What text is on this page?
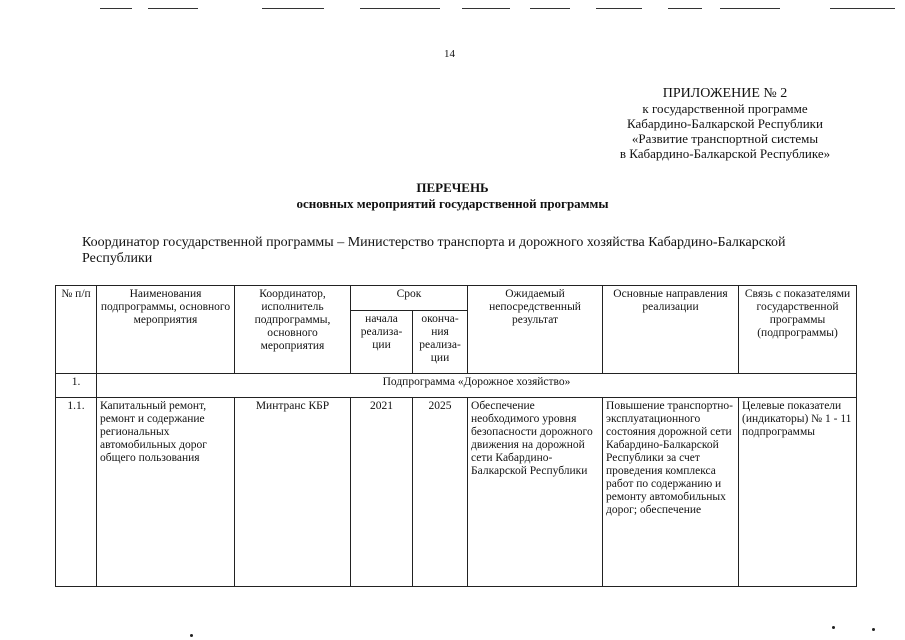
14
ПРИЛОЖЕНИЕ № 2
к государственной программе
Кабардино-Балкарской Республики
«Развитие транспортной системы
в Кабардино-Балкарской Республике»
ПЕРЕЧЕНЬ
основных мероприятий государственной программы
Координатор государственной программы – Министерство транспорта и дорожного хозяйства Кабардино-Балкарской Республики
№ п/п	Наименования подпрограммы, основного мероприятия	Координатор, исполнитель подпрограммы, основного мероприятия	Срок		Ожидаемый непосредственный результат	Основные направления реализации	Связь с показателями государственной программы (подпрограммы)
			начала реализа-ции	оконча-ния реализа-ции			
1.	Подпрограмма «Дорожное хозяйство»						
1.1.	Капитальный ремонт, ремонт и содержание региональных автомобильных дорог общего пользования	Минтранс КБР	2021	2025	Обеспечение необходимого уровня безопасности дорожного движения на дорожной сети Кабардино-Балкарской Республики	Повышение транспортно-эксплуатационного состояния дорожной сети Кабардино-Балкарской Республики за счет проведения комплекса работ по содержанию и ремонту автомобильных дорог; обеспечение	Целевые показатели (индикаторы) № 1 - 11 подпрограммы
